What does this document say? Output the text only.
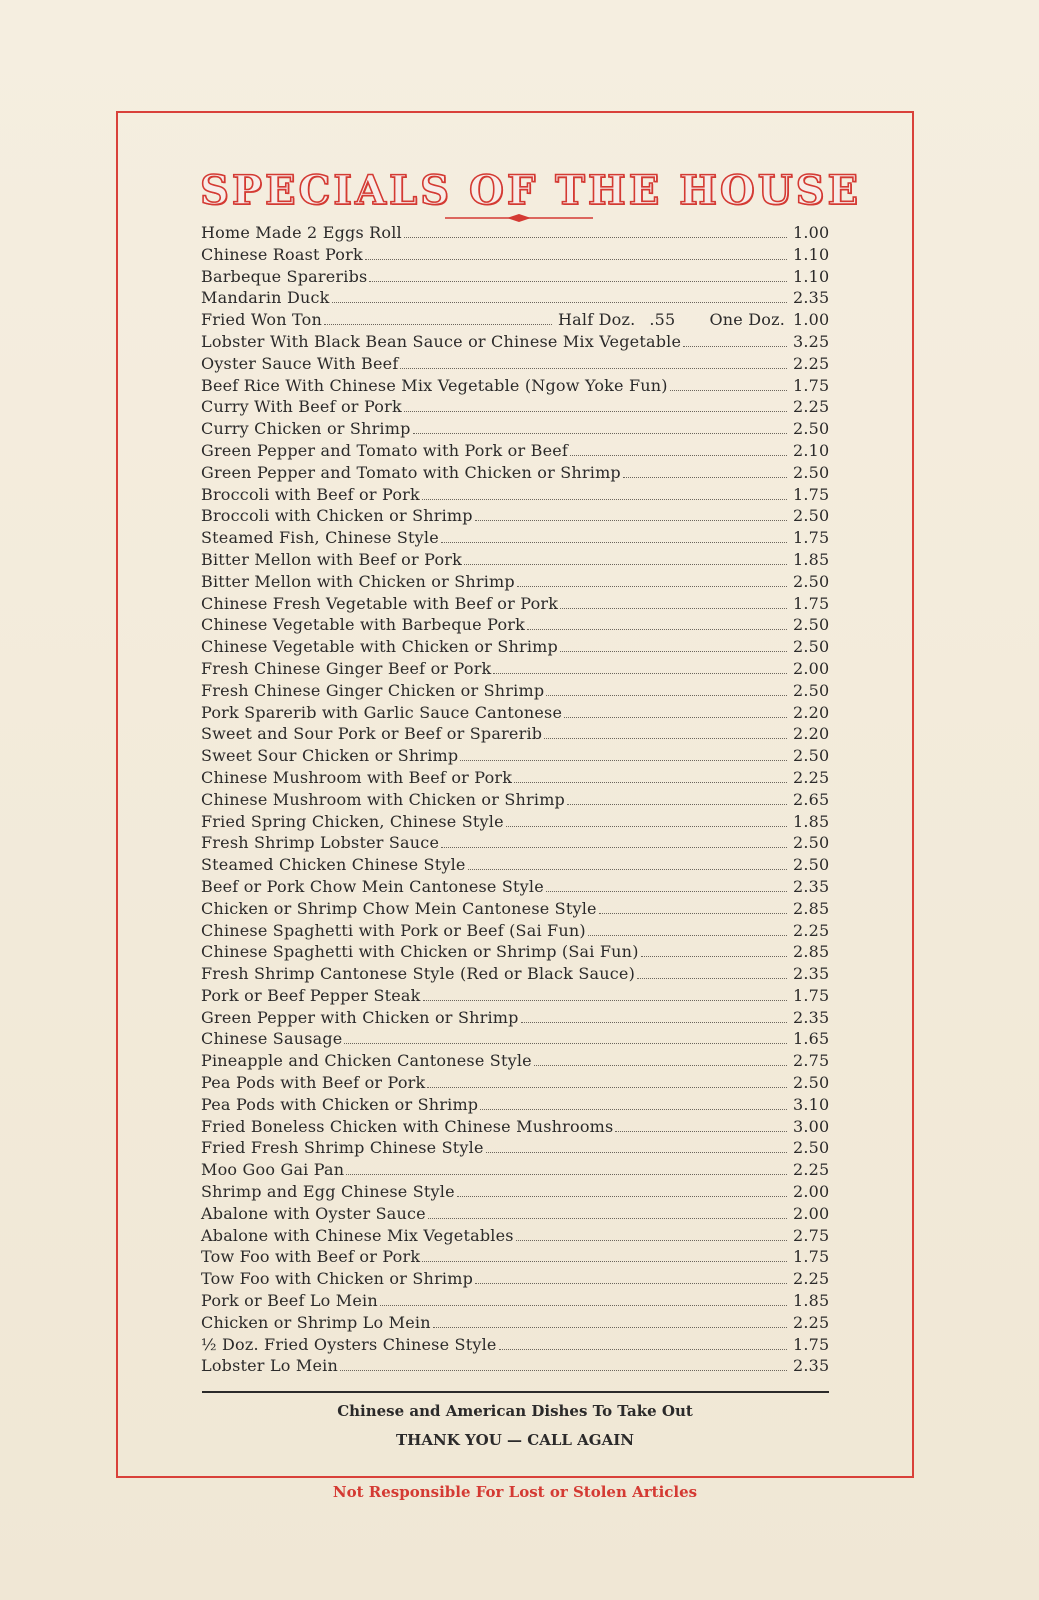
SPECIALS OF THE HOUSE
Home Made 2 Eggs Roll	1.00
Chinese Roast Pork	1.10
Barbeque Spareribs	1.10
Mandarin Duck	2.35
Fried Won Ton	Half Doz. .55 One Doz. 1.00
Lobster With Black Bean Sauce or Chinese Mix Vegetable	3.25
Oyster Sauce With Beef	2.25
Beef Rice With Chinese Mix Vegetable (Ngow Yoke Fun)	1.75
Curry With Beef or Pork	2.25
Curry Chicken or Shrimp	2.50
Green Pepper and Tomato with Pork or Beef	2.10
Green Pepper and Tomato with Chicken or Shrimp	2.50
Broccoli with Beef or Pork	1.75
Broccoli with Chicken or Shrimp	2.50
Steamed Fish, Chinese Style	1.75
Bitter Mellon with Beef or Pork	1.85
Bitter Mellon with Chicken or Shrimp	2.50
Chinese Fresh Vegetable with Beef or Pork	1.75
Chinese Vegetable with Barbeque Pork	2.50
Chinese Vegetable with Chicken or Shrimp	2.50
Fresh Chinese Ginger Beef or Pork	2.00
Fresh Chinese Ginger Chicken or Shrimp	2.50
Pork Sparerib with Garlic Sauce Cantonese	2.20
Sweet and Sour Pork or Beef or Sparerib	2.20
Sweet Sour Chicken or Shrimp	2.50
Chinese Mushroom with Beef or Pork	2.25
Chinese Mushroom with Chicken or Shrimp	2.65
Fried Spring Chicken, Chinese Style	1.85
Fresh Shrimp Lobster Sauce	2.50
Steamed Chicken Chinese Style	2.50
Beef or Pork Chow Mein Cantonese Style	2.35
Chicken or Shrimp Chow Mein Cantonese Style	2.85
Chinese Spaghetti with Pork or Beef (Sai Fun)	2.25
Chinese Spaghetti with Chicken or Shrimp (Sai Fun)	2.85
Fresh Shrimp Cantonese Style (Red or Black Sauce)	2.35
Pork or Beef Pepper Steak	1.75
Green Pepper with Chicken or Shrimp	2.35
Chinese Sausage	1.65
Pineapple and Chicken Cantonese Style	2.75
Pea Pods with Beef or Pork	2.50
Pea Pods with Chicken or Shrimp	3.10
Fried Boneless Chicken with Chinese Mushrooms	3.00
Fried Fresh Shrimp Chinese Style	2.50
Moo Goo Gai Pan	2.25
Shrimp and Egg Chinese Style	2.00
Abalone with Oyster Sauce	2.00
Abalone with Chinese Mix Vegetables	2.75
Tow Foo with Beef or Pork	1.75
Tow Foo with Chicken or Shrimp	2.25
Pork or Beef Lo Mein	1.85
Chicken or Shrimp Lo Mein	2.25
½ Doz. Fried Oysters Chinese Style	1.75
Lobster Lo Mein	2.35
Chinese and American Dishes To Take Out
THANK YOU — CALL AGAIN
Not Responsible For Lost or Stolen Articles
